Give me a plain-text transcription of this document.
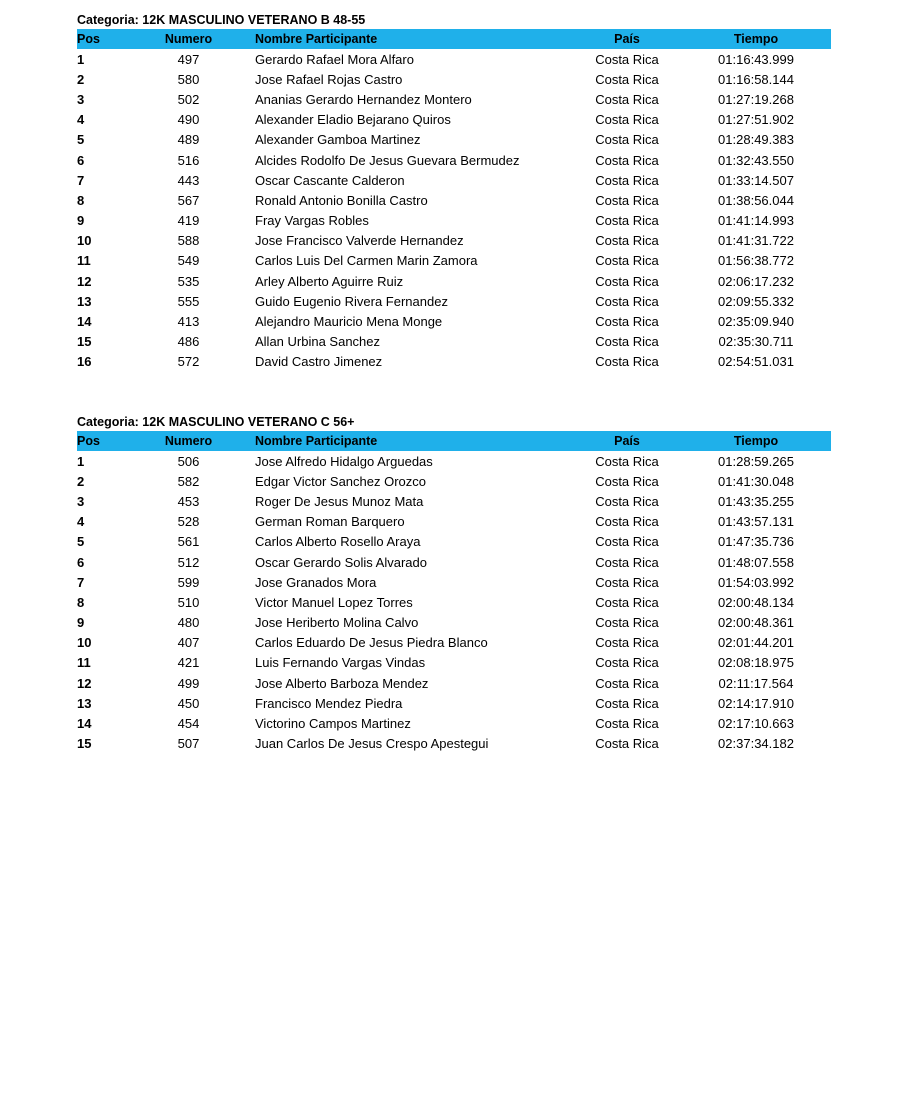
Categoria: 12K MASCULINO VETERANO B 48-55
Pos	Numero	Nombre Participante	País	Tiempo
1	497	Gerardo Rafael Mora Alfaro	Costa Rica	01:16:43.999
2	580	Jose Rafael Rojas Castro	Costa Rica	01:16:58.144
3	502	Ananias Gerardo Hernandez Montero	Costa Rica	01:27:19.268
4	490	Alexander Eladio Bejarano Quiros	Costa Rica	01:27:51.902
5	489	Alexander Gamboa Martinez	Costa Rica	01:28:49.383
6	516	Alcides Rodolfo De Jesus Guevara Bermudez	Costa Rica	01:32:43.550
7	443	Oscar Cascante Calderon	Costa Rica	01:33:14.507
8	567	Ronald Antonio Bonilla Castro	Costa Rica	01:38:56.044
9	419	Fray Vargas Robles	Costa Rica	01:41:14.993
10	588	Jose Francisco Valverde Hernandez	Costa Rica	01:41:31.722
11	549	Carlos Luis Del Carmen Marin Zamora	Costa Rica	01:56:38.772
12	535	Arley Alberto Aguirre Ruiz	Costa Rica	02:06:17.232
13	555	Guido Eugenio Rivera Fernandez	Costa Rica	02:09:55.332
14	413	Alejandro Mauricio Mena Monge	Costa Rica	02:35:09.940
15	486	Allan Urbina Sanchez	Costa Rica	02:35:30.711
16	572	David Castro Jimenez	Costa Rica	02:54:51.031
Categoria: 12K MASCULINO VETERANO C 56+
Pos	Numero	Nombre Participante	País	Tiempo
1	506	Jose Alfredo Hidalgo Arguedas	Costa Rica	01:28:59.265
2	582	Edgar Victor Sanchez Orozco	Costa Rica	01:41:30.048
3	453	Roger De Jesus Munoz Mata	Costa Rica	01:43:35.255
4	528	German Roman Barquero	Costa Rica	01:43:57.131
5	561	Carlos Alberto Rosello Araya	Costa Rica	01:47:35.736
6	512	Oscar Gerardo Solis Alvarado	Costa Rica	01:48:07.558
7	599	Jose Granados Mora	Costa Rica	01:54:03.992
8	510	Victor Manuel Lopez Torres	Costa Rica	02:00:48.134
9	480	Jose Heriberto Molina Calvo	Costa Rica	02:00:48.361
10	407	Carlos Eduardo De Jesus Piedra Blanco	Costa Rica	02:01:44.201
11	421	Luis Fernando Vargas Vindas	Costa Rica	02:08:18.975
12	499	Jose Alberto Barboza Mendez	Costa Rica	02:11:17.564
13	450	Francisco Mendez Piedra	Costa Rica	02:14:17.910
14	454	Victorino Campos Martinez	Costa Rica	02:17:10.663
15	507	Juan Carlos De Jesus Crespo Apestegui	Costa Rica	02:37:34.182
